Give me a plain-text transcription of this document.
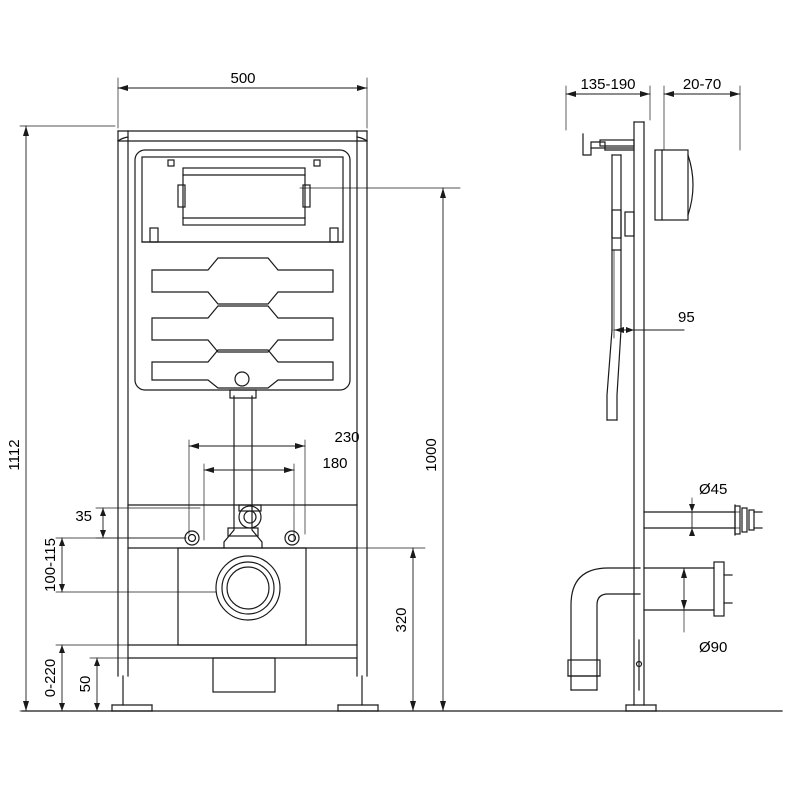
500
1112	1000
320
230
180
35
100-115
0-220 50
135-190	20-70
95
Ø45
Ø90
